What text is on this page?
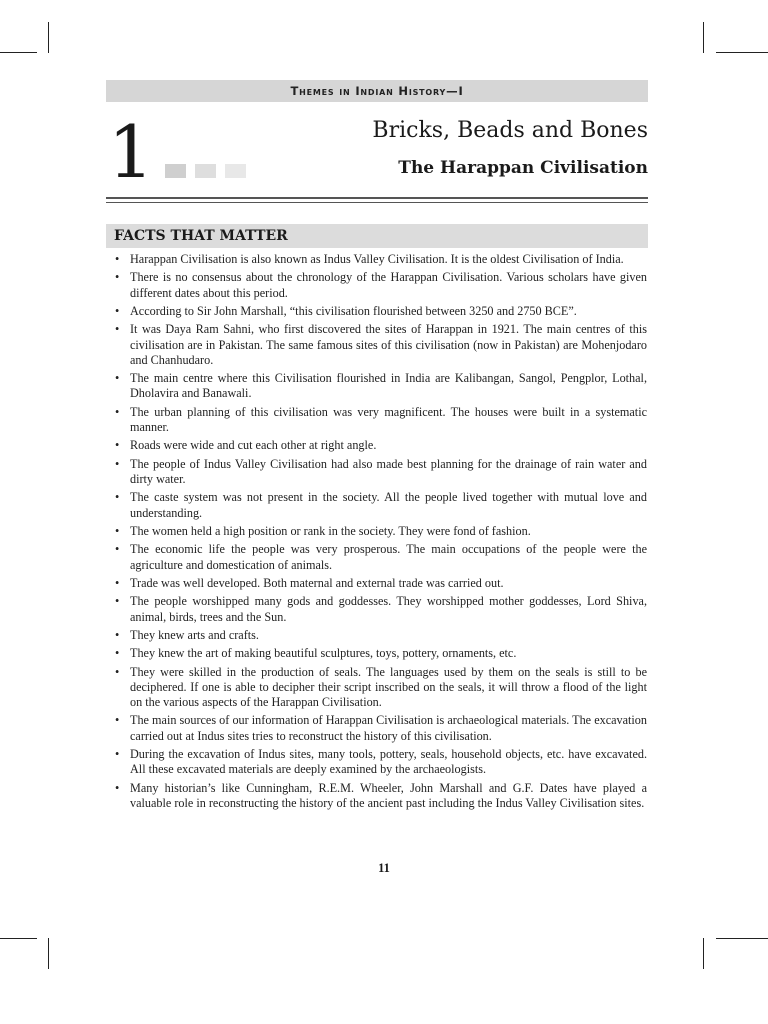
Themes in Indian History—I
1	Bricks, Beads and Bones
The Harappan Civilisation
FACTS THAT MATTER
• Harappan Civilisation is also known as Indus Valley Civilisation. It is the oldest Civilisation of India.
• There is no consensus about the chronology of the Harappan Civilisation. Various scholars have given different dates about this period.
• According to Sir John Marshall, “this civilisation flourished between 3250 and 2750 BCE”.
• It was Daya Ram Sahni, who first discovered the sites of Harappan in 1921. The main centres of this civilisation are in Pakistan. The same famous sites of this civilisation (now in Pakistan) are Mohenjodaro and Chanhudaro.
• The main centre where this Civilisation flourished in India are Kalibangan, Sangol, Pengplor, Lothal, Dholavira and Banawali.
• The urban planning of this civilisation was very magnificent. The houses were built in a systematic manner.
• Roads were wide and cut each other at right angle.
• The people of Indus Valley Civilisation had also made best planning for the drainage of rain water and dirty water.
• The caste system was not present in the society. All the people lived together with mutual love and understanding.
• The women held a high position or rank in the society. They were fond of fashion.
• The economic life the people was very prosperous. The main occupations of the people were the agriculture and domestication of animals.
• Trade was well developed. Both maternal and external trade was carried out.
• The people worshipped many gods and goddesses. They worshipped mother goddesses, Lord Shiva, animal, birds, trees and the Sun.
• They knew arts and crafts.
• They knew the art of making beautiful sculptures, toys, pottery, ornaments, etc.
• They were skilled in the production of seals. The languages used by them on the seals is still to be deciphered. If one is able to decipher their script inscribed on the seals, it will throw a flood of the light on the various aspects of the Harappan Civilisation.
• The main sources of our information of Harappan Civilisation is archaeological materials. The excavation carried out at Indus sites tries to reconstruct the history of this civilisation.
• During the excavation of Indus sites, many tools, pottery, seals, household objects, etc. have excavated. All these excavated materials are deeply examined by the archaeologists.
• Many historian’s like Cunningham, R.E.M. Wheeler, John Marshall and G.F. Dates have played a valuable role in reconstructing the history of the ancient past including the Indus Valley Civilisation sites.
11
